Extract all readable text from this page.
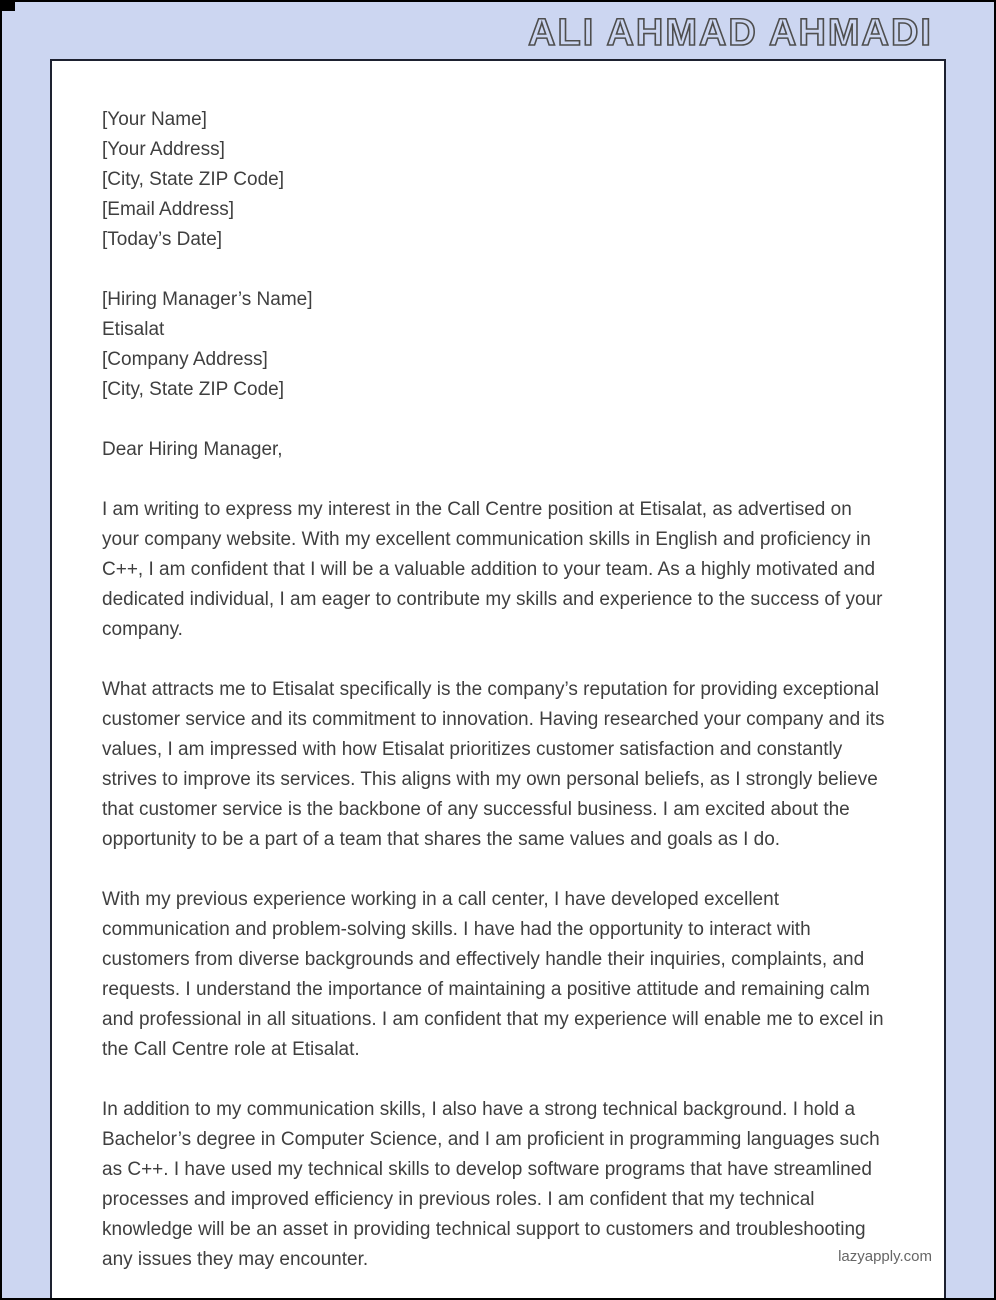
ALI AHMAD AHMADI
[Your Name]
[Your Address]
[City, State ZIP Code]
[Email Address]
[Today’s Date]
[Hiring Manager’s Name]
Etisalat
[Company Address]
[City, State ZIP Code]
Dear Hiring Manager,

I am writing to express my interest in the Call Centre position at Etisalat, as advertised on your company website. With my excellent communication skills in English and proficiency in C++, I am confident that I will be a valuable addition to your team. As a highly motivated and dedicated individual, I am eager to contribute my skills and experience to the success of your company.

What attracts me to Etisalat specifically is the company’s reputation for providing exceptional customer service and its commitment to innovation. Having researched your company and its values, I am impressed with how Etisalat prioritizes customer satisfaction and constantly strives to improve its services. This aligns with my own personal beliefs, as I strongly believe that customer service is the backbone of any successful business. I am excited about the opportunity to be a part of a team that shares the same values and goals as I do.

With my previous experience working in a call center, I have developed excellent communication and problem-solving skills. I have had the opportunity to interact with customers from diverse backgrounds and effectively handle their inquiries, complaints, and requests. I understand the importance of maintaining a positive attitude and remaining calm and professional in all situations. I am confident that my experience will enable me to excel in the Call Centre role at Etisalat.

In addition to my communication skills, I also have a strong technical background. I hold a Bachelor’s degree in Computer Science, and I am proficient in programming languages such as C++. I have used my technical skills to develop software programs that have streamlined processes and improved efficiency in previous roles. I am confident that my technical knowledge will be an asset in providing technical support to customers and troubleshooting any issues they may encounter.	lazyapply.com
